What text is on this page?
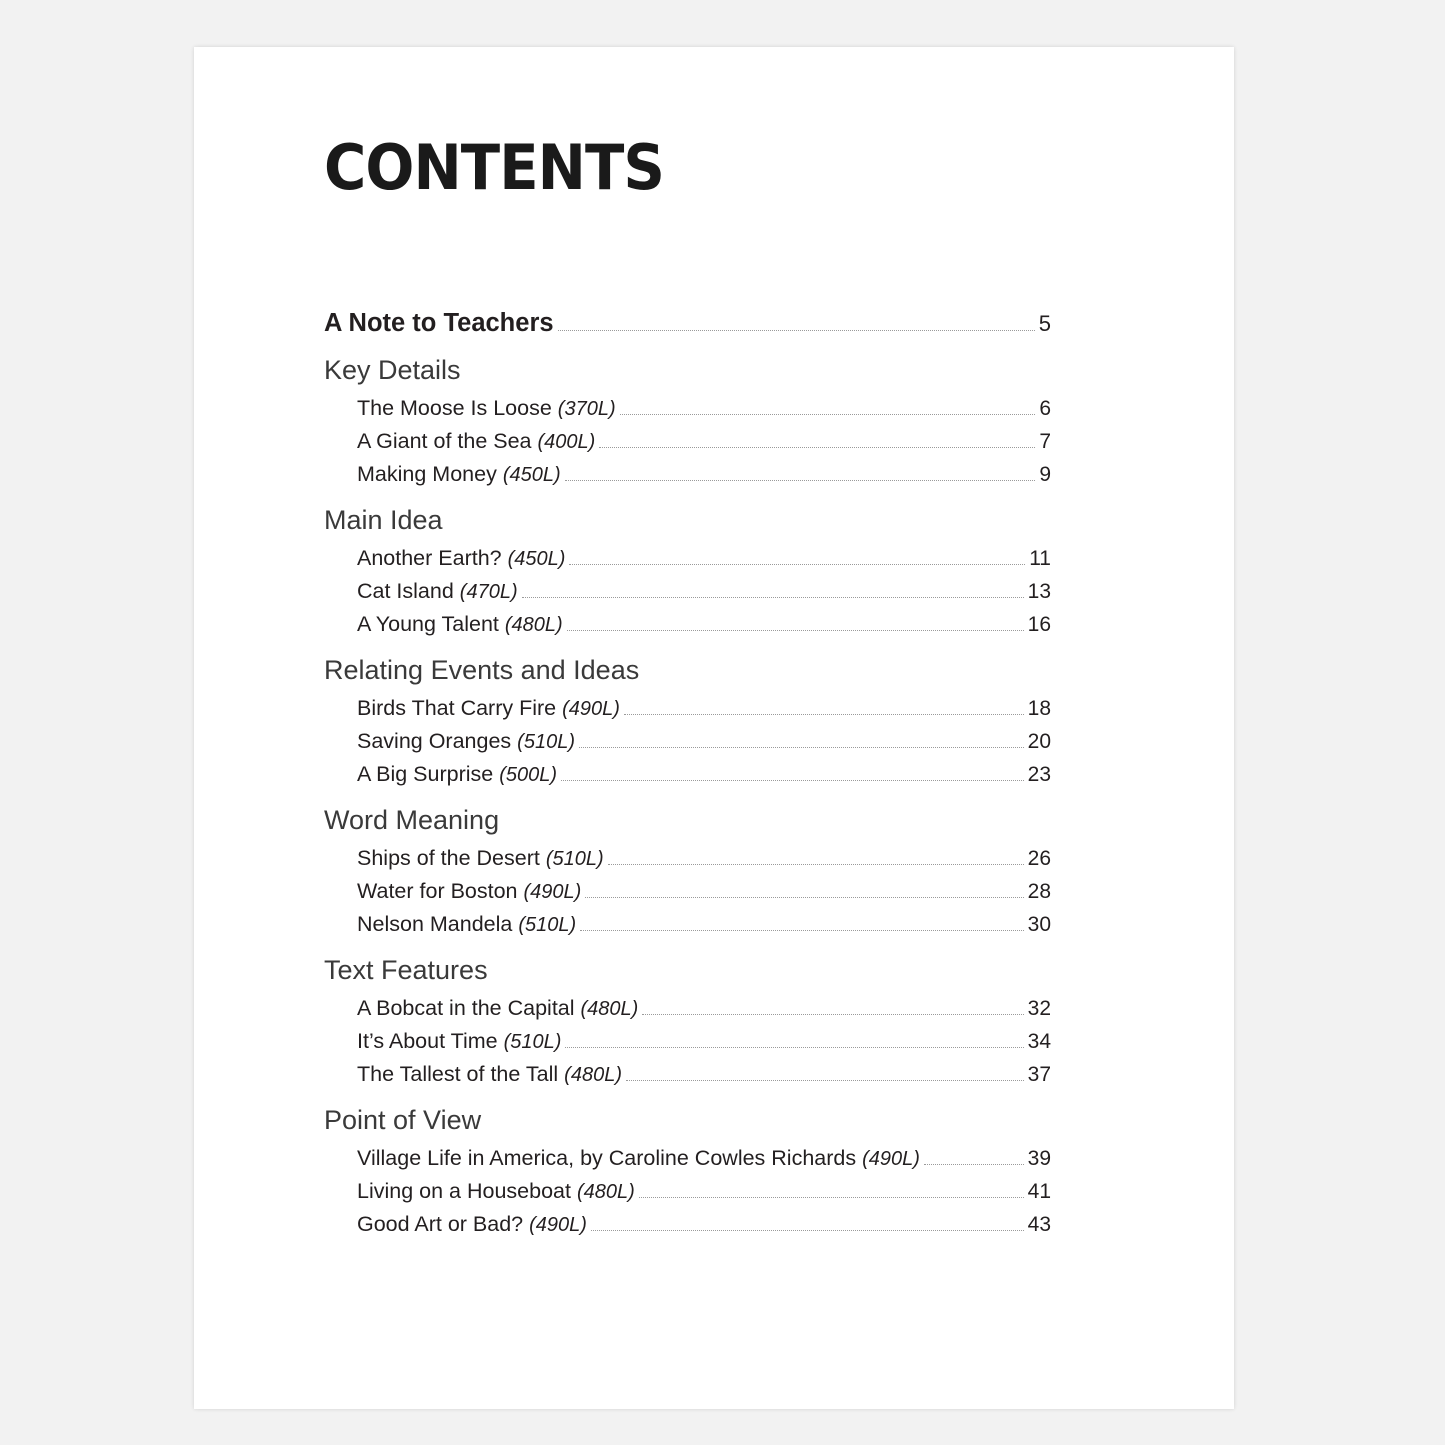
CONTENTS
A Note to Teachers	5
Key Details
The Moose Is Loose (370L)	6
A Giant of the Sea (400L)	7
Making Money (450L)	9
Main Idea
Another Earth? (450L)	11
Cat Island (470L)	13
A Young Talent (480L)	16
Relating Events and Ideas
Birds That Carry Fire (490L)	18
Saving Oranges (510L)	20
A Big Surprise (500L)	23
Word Meaning
Ships of the Desert (510L)	26
Water for Boston (490L)	28
Nelson Mandela (510L)	30
Text Features
A Bobcat in the Capital (480L)	32
It’s About Time (510L)	34
The Tallest of the Tall (480L)	37
Point of View
Village Life in America, by Caroline Cowles Richards (490L)	39
Living on a Houseboat (480L)	41
Good Art or Bad? (490L)	43
